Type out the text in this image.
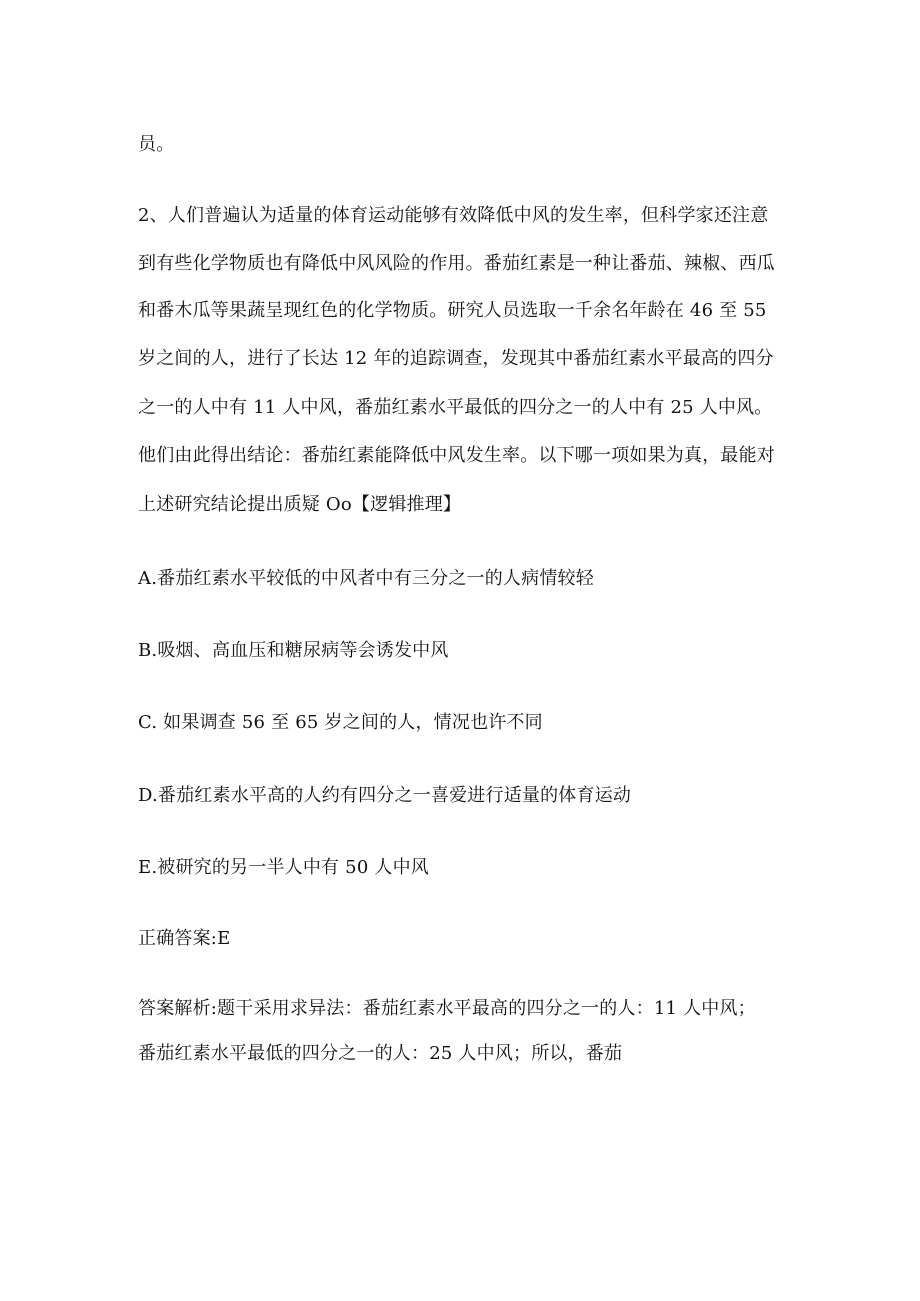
员。

2、人们普遍认为适量的体育运动能够有效降低中风的发生率，但科学家还注意

到有些化学物质也有降低中风风险的作用。番茄红素是一种让番茄、辣椒、西瓜

和番木瓜等果蔬呈现红色的化学物质。研究人员选取一千余名年龄在 46 至 55

岁之间的人，进行了长达 12 年的追踪调查，发现其中番茄红素水平最高的四分

之一的人中有 11 人中风，番茄红素水平最低的四分之一的人中有 25 人中风。

他们由此得出结论：番茄红素能降低中风发生率。以下哪一项如果为真，最能对

上述研究结论提出质疑 Oo【逻辑推理】

A.番茄红素水平较低的中风者中有三分之一的人病情较轻

B.吸烟、高血压和糖尿病等会诱发中风

C. 如果调查 56 至 65 岁之间的人，情况也许不同

D.番茄红素水平高的人约有四分之一喜爱进行适量的体育运动

E.被研究的另一半人中有 50 人中风

正确答案:E

答案解析:题干采用求异法：番茄红素水平最高的四分之一的人：11 人中风；

番茄红素水平最低的四分之一的人：25 人中风；所以，番茄
